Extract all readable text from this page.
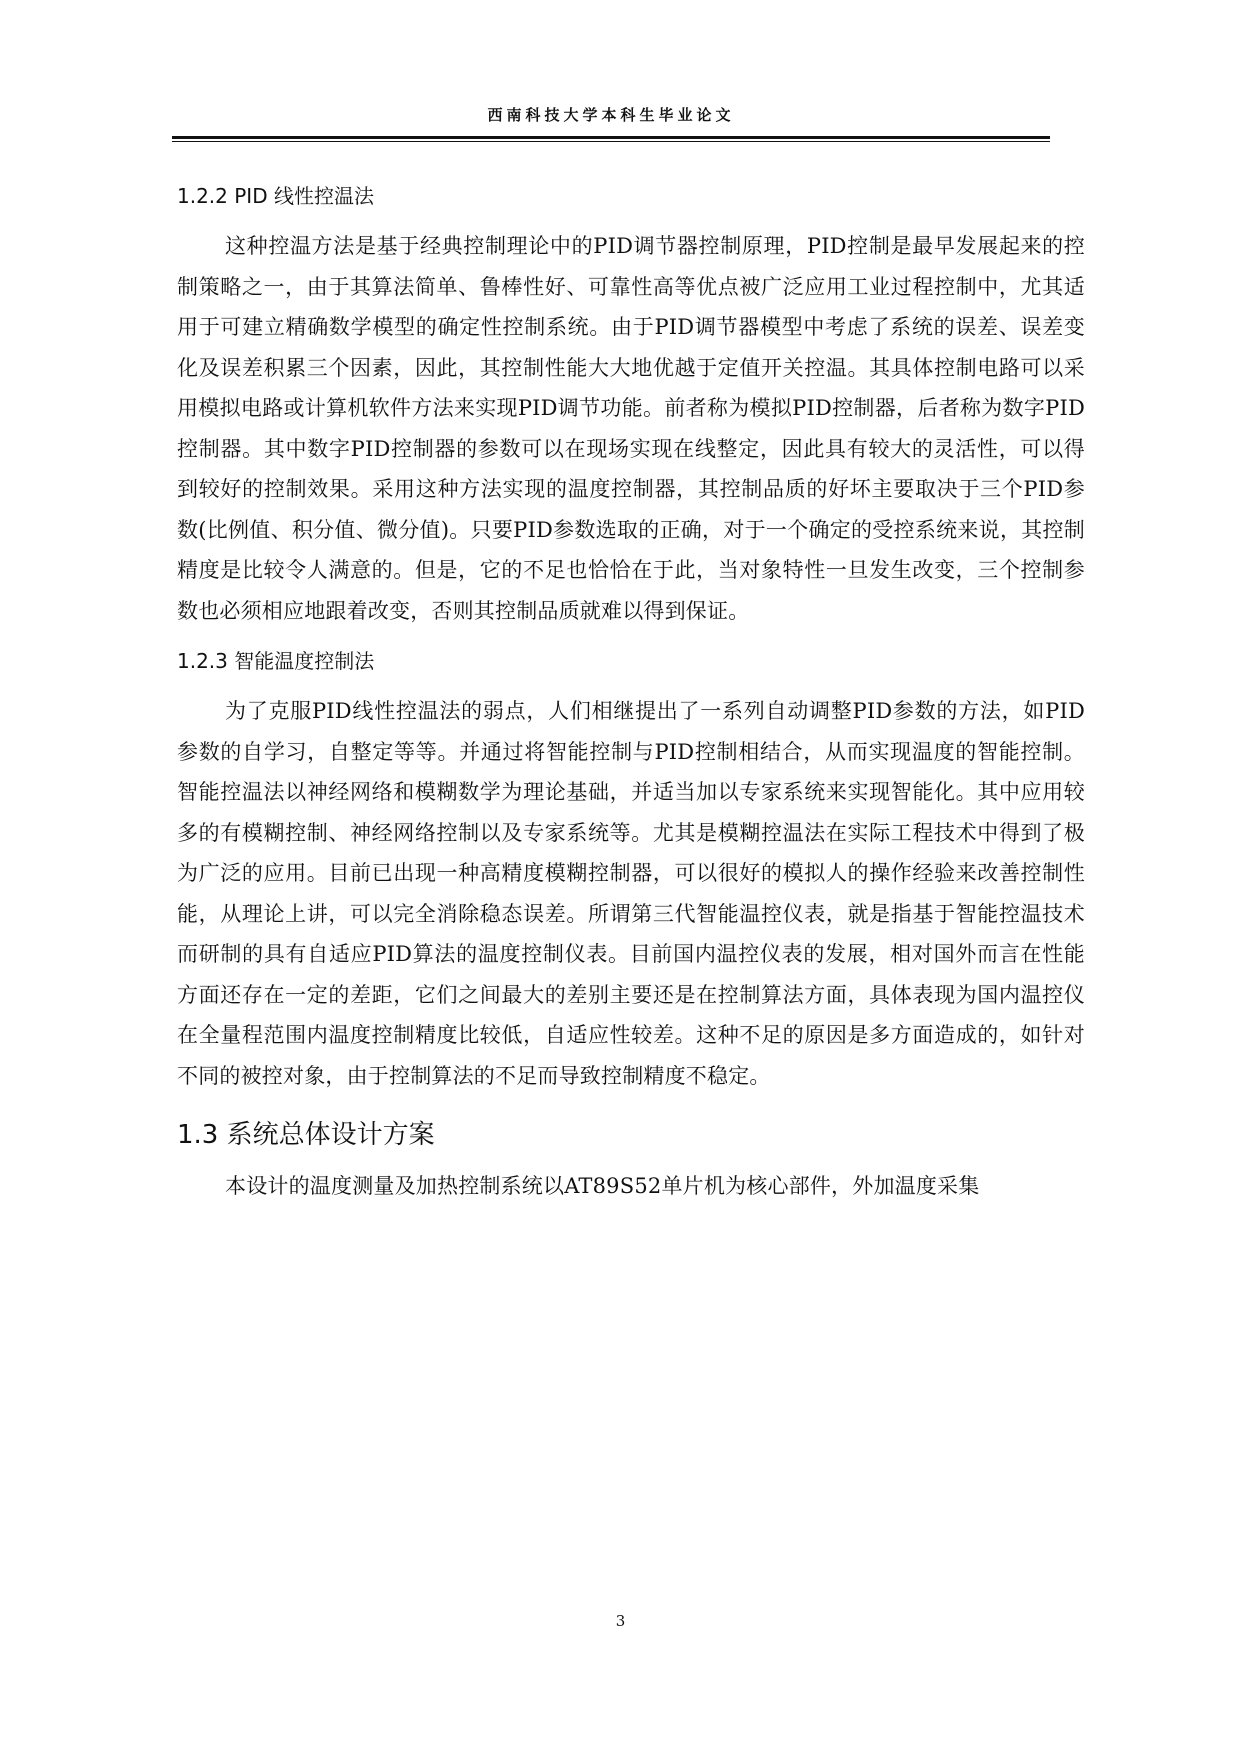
西南科技大学本科生毕业论文
1.2.2 PID 线性控温法

这种控温方法是基于经典控制理论中的PID调节器控制原理，PID控制是最早发展起来的控制策略之一，由于其算法简单、鲁棒性好、可靠性高等优点被广泛应用工业过程控制中，尤其适用于可建立精确数学模型的确定性控制系统。由于PID调节器模型中考虑了系统的误差、误差变化及误差积累三个因素，因此，其控制性能大大地优越于定值开关控温。其具体控制电路可以采用模拟电路或计算机软件方法来实现PID调节功能。前者称为模拟PID控制器，后者称为数字PID控制器。其中数字PID控制器的参数可以在现场实现在线整定，因此具有较大的灵活性，可以得到较好的控制效果。采用这种方法实现的温度控制器，其控制品质的好坏主要取决于三个PID参数(比例值、积分值、微分值)。只要PID参数选取的正确，对于一个确定的受控系统来说，其控制精度是比较令人满意的。但是，它的不足也恰恰在于此，当对象特性一旦发生改变，三个控制参数也必须相应地跟着改变，否则其控制品质就难以得到保证。

1.2.3 智能温度控制法

为了克服PID线性控温法的弱点，人们相继提出了一系列自动调整PID参数的方法，如PID参数的自学习，自整定等等。并通过将智能控制与PID控制相结合，从而实现温度的智能控制。智能控温法以神经网络和模糊数学为理论基础，并适当加以专家系统来实现智能化。其中应用较多的有模糊控制、神经网络控制以及专家系统等。尤其是模糊控温法在实际工程技术中得到了极为广泛的应用。目前已出现一种高精度模糊控制器，可以很好的模拟人的操作经验来改善控制性能，从理论上讲，可以完全消除稳态误差。所谓第三代智能温控仪表，就是指基于智能控温技术而研制的具有自适应PID算法的温度控制仪表。目前国内温控仪表的发展，相对国外而言在性能方面还存在一定的差距，它们之间最大的差别主要还是在控制算法方面，具体表现为国内温控仪在全量程范围内温度控制精度比较低，自适应性较差。这种不足的原因是多方面造成的，如针对不同的被控对象，由于控制算法的不足而导致控制精度不稳定。

1.3 系统总体设计方案

本设计的温度测量及加热控制系统以AT89S52单片机为核心部件，外加温度采集

3
